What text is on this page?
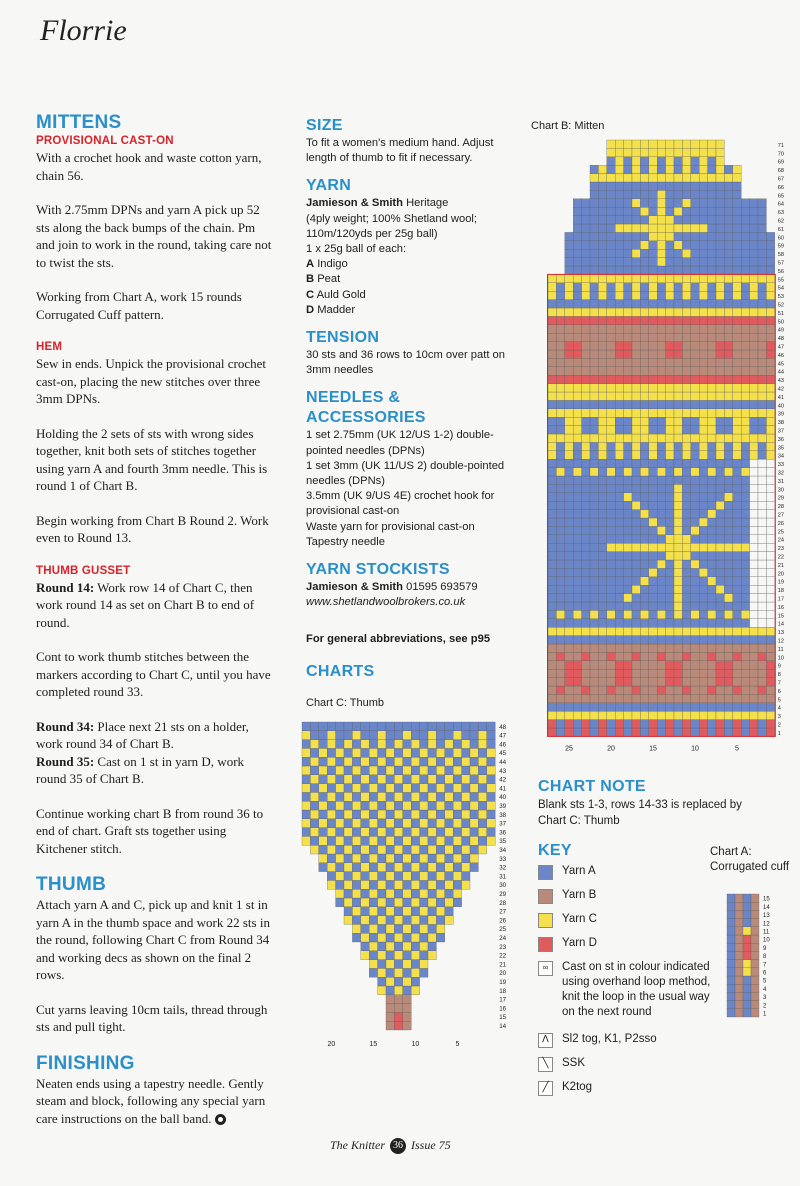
Florrie
MITTENS
PROVISIONAL CAST-ON

With a crochet hook and waste cotton yarn, chain 56.

With 2.75mm DPNs and yarn A pick up 52 sts along the back bumps of the chain. Pm and join to work in the round, taking care not to twist the sts.

Working from Chart A, work 15 rounds Corrugated Cuff pattern.

HEM

Sew in ends. Unpick the provisional crochet cast-on, placing the new stitches over three 3mm DPNs.

Holding the 2 sets of sts with wrong sides together, knit both sets of stitches together using yarn A and fourth 3mm needle. This is round 1 of Chart B.

Begin working from Chart B Round 2. Work even to Round 13.

THUMB GUSSET

Round 14: Work row 14 of Chart C, then work round 14 as set on Chart B to end of round.

Cont to work thumb stitches between the markers according to Chart C, until you have completed round 33.

Round 34: Place next 21 sts on a holder, work round 34 of Chart B.

Round 35: Cast on 1 st in yarn D, work round 35 of Chart B.

Continue working chart B from round 36 to end of chart. Graft sts together using Kitchener stitch.

THUMB

Attach yarn A and C, pick up and knit 1 st in yarn A in the thumb space and work 22 sts in the round, following Chart C from Round 34 and working decs as shown on the final 2 rows.

Cut yarns leaving 10cm tails, thread through sts and pull tight.

FINISHING

Neaten ends using a tapestry needle. Gently steam and block, following any special yarn care instructions on the ball band.

SIZE

To fit a women's medium hand. Adjust length of thumb to fit if necessary.

YARN

Jamieson & Smith Heritage

(4ply weight; 100% Shetland wool; 110m/120yds per 25g ball)

1 x 25g ball of each:

A Indigo
B Peat
C Auld Gold
D Madder
TENSION

30 sts and 36 rows to 10cm over patt on 3mm needles

NEEDLES & ACCESSORIES
1 set 2.75mm (UK 12/US 1-2) double-pointed needles (DPNs)
1 set 3mm (UK 11/US 2) double-pointed needles (DPNs)
3.5mm (UK 9/US 4E) crochet hook for provisional cast-on
Waste yarn for provisional cast-on
Tapestry needle
YARN STOCKISTS

Jamieson & Smith 01595 693579

www.shetlandwoolbrokers.co.uk

For general abbreviations, see p95

CHARTS
Chart B: Mitten
Chart C: Thumb
1
2
3
4
5
6
7
8
9
10
11
12
13
14
15
16
17
18
19
20
21
22
23
24
25
26
27
28
29
30
31
32
33
34
35
36
37
38
39
40
41
42
43
44
45
46
47
48
49
50
51
52
53
54
55
56
57
58
59
60
61
62
63
64
65
66
67
68
69
70
71
25	20	15	10	5
14
15
16
17
18
19
20
21
22
23
24
25
26
27
28
29
30
31
32
33
34
35
36
37
38
39
40
41
42
43
44
45
46
47
48
20	15	10	5
1
2
3
4
5
6
7
8
9
10
11
12
13
14
15
Chart A: Corrugated cuff
CHART NOTE
Blank sts 1-3, rows 14-33 is replaced by Chart C: Thumb
KEY
Yarn A
Yarn B
Yarn C
Yarn D
∞	Cast on st in colour indicated using overhand loop method, knit the loop in the usual way on the next round
Λ	Sl2 tog, K1, P2sso
╲	SSK
╱	K2tog
The Knitter 36 Issue 75
